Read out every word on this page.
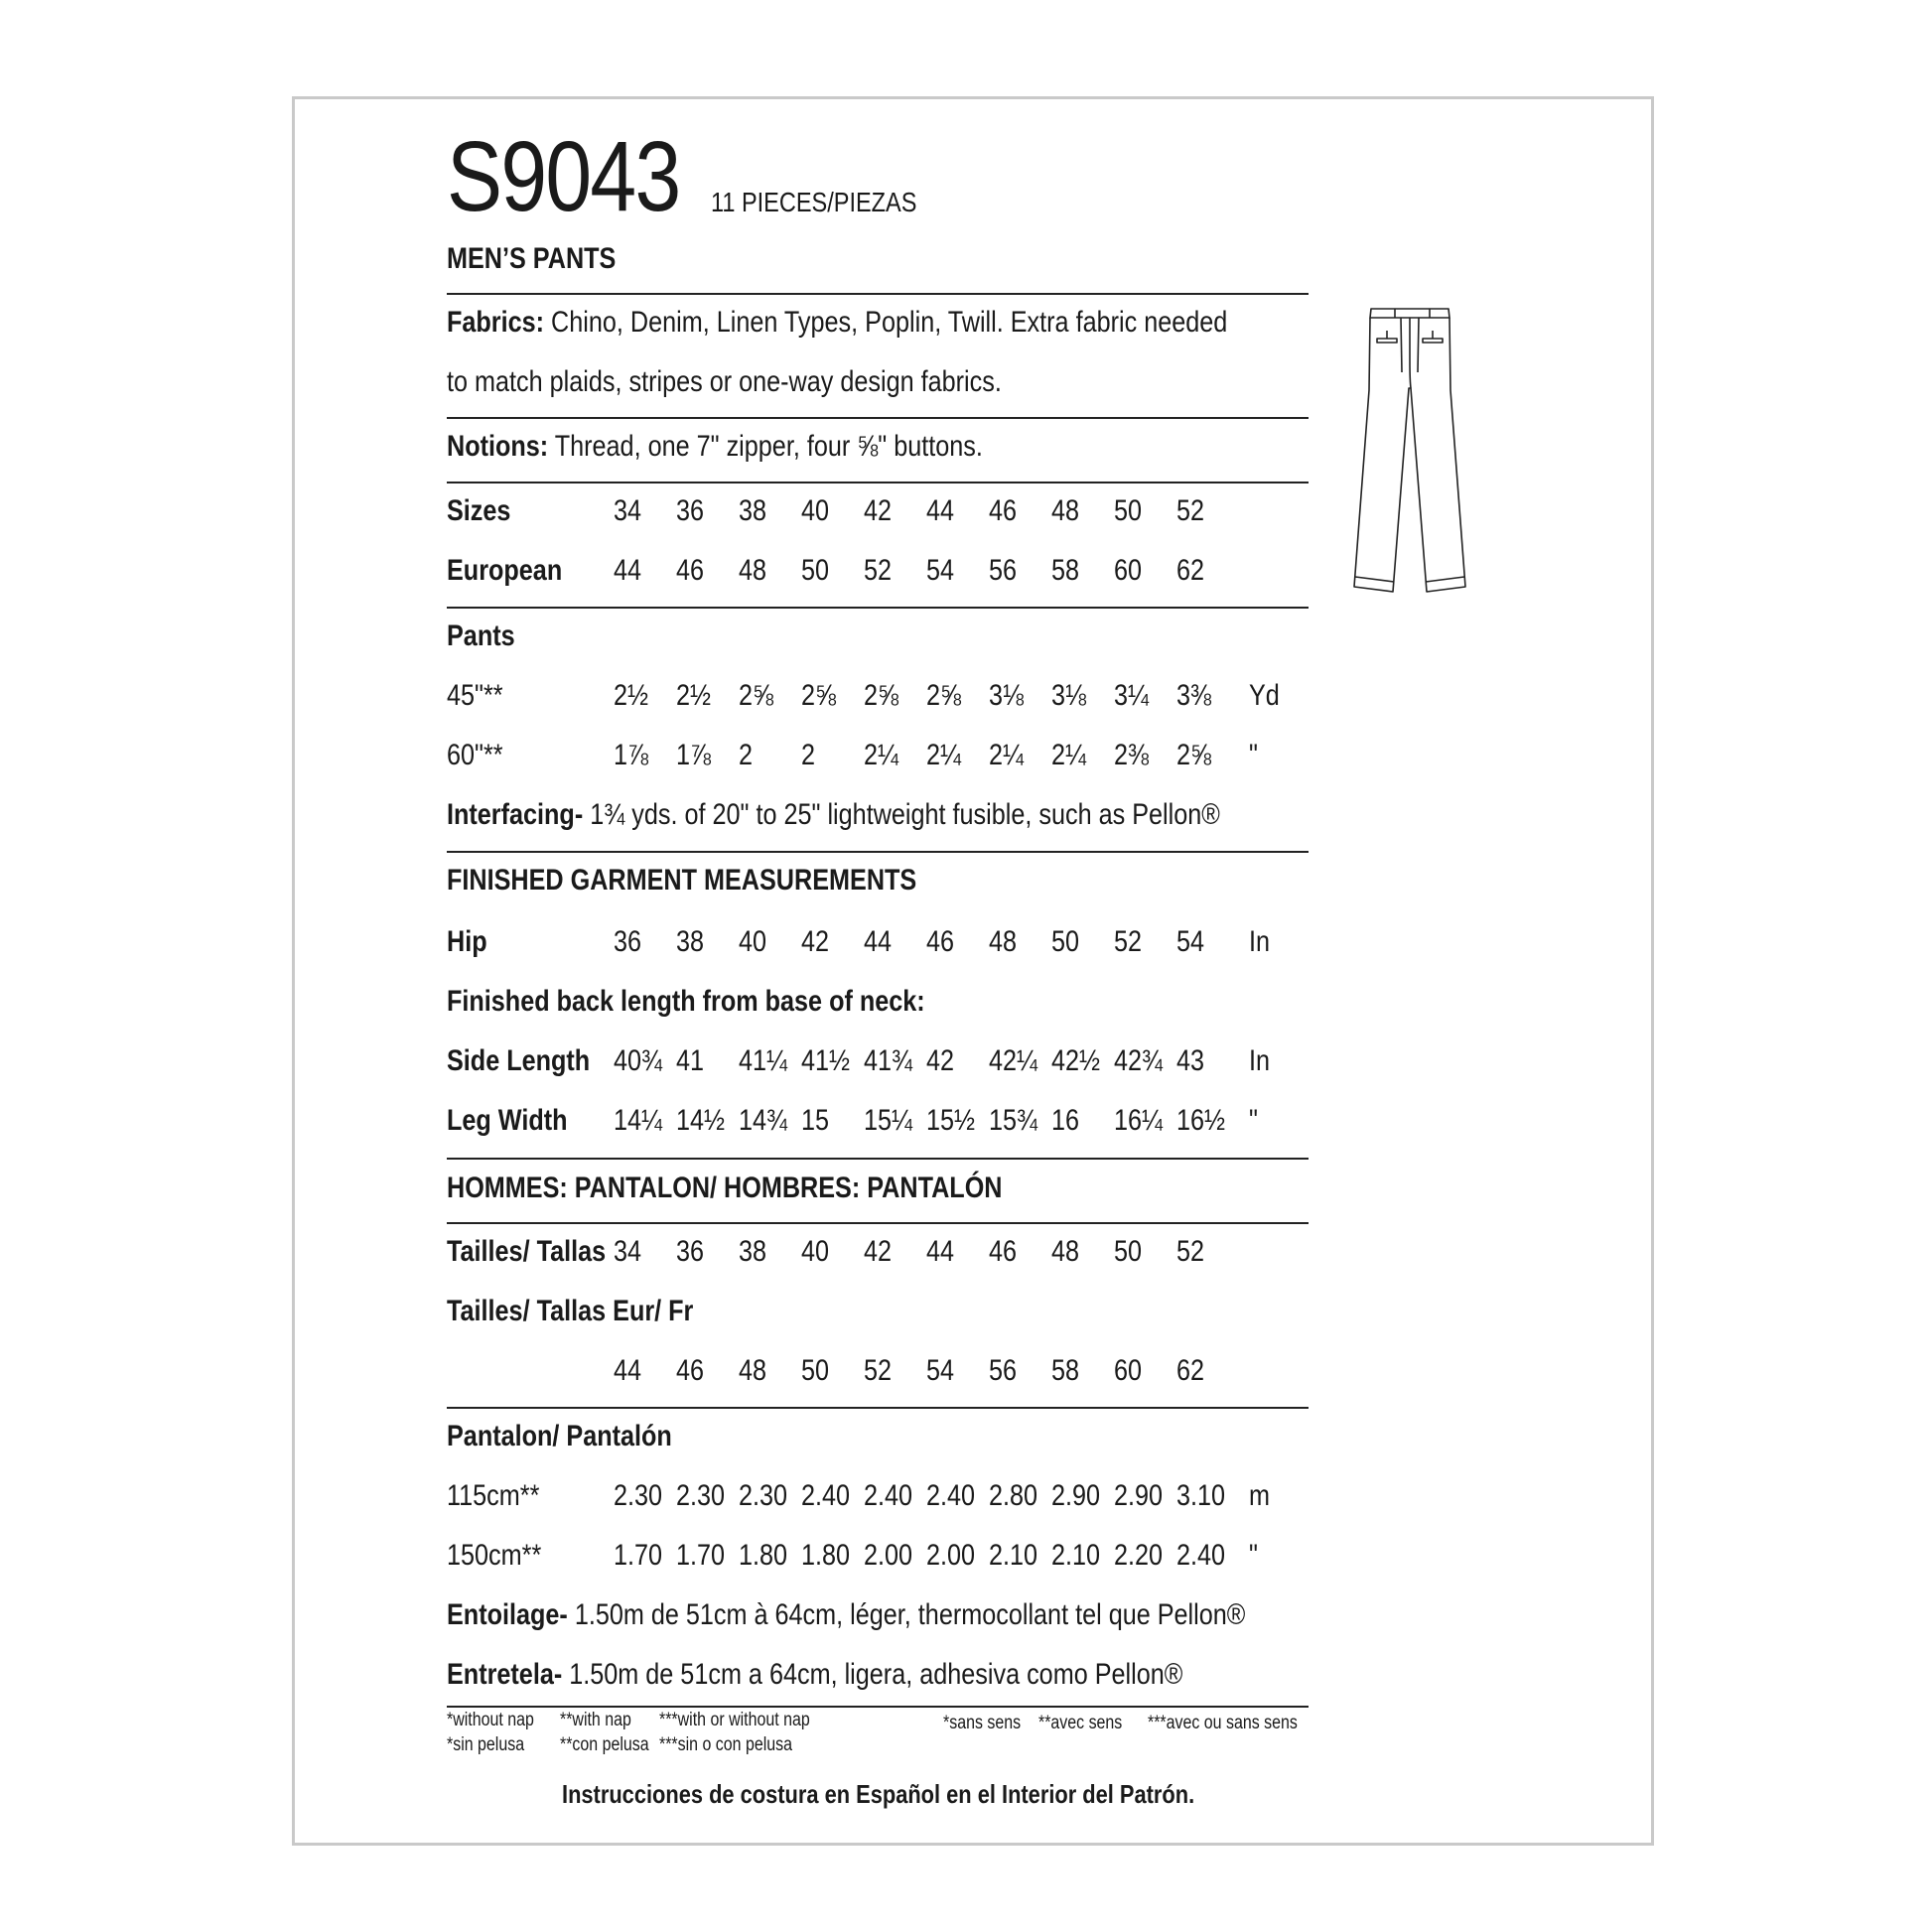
S9043	11 PIECES/PIEZAS
MEN’S PANTS
Fabrics: Chino, Denim, Linen Types, Poplin, Twill. Extra fabric needed
to match plaids, stripes or one-way design fabrics.
Notions: Thread, one 7" zipper, four ⅝" buttons.
Sizes	34 36 38 40 42 44 46 48 50 52
European	44 46 48 50 52 54 56 58 60 62
Pants
45"**	2½ 2½ 2⅝ 2⅝ 2⅝ 2⅝ 3⅛ 3⅛ 3¼ 3⅜ Yd
60"**	1⅞ 1⅞ 2 2 2¼ 2¼ 2¼ 2¼ 2⅜ 2⅝ "
Interfacing- 1¾ yds. of 20" to 25" lightweight fusible, such as Pellon®
FINISHED GARMENT MEASUREMENTS
Hip	36 38 40 42 44 46 48 50 52 54 In
Finished back length from base of neck:
Side Length 40¾ 41 41¼ 41½ 41¾ 42 42¼ 42½ 42¾ 43 In
Leg Width	14¼ 14½ 14¾ 15 15¼ 15½ 15¾ 16 16¼ 16½ "
HOMMES: PANTALON/ HOMBRES: PANTALÓN
Tailles/ Tallas 34 36 38 40 42 44 46 48 50 52
Tailles/ Tallas Eur/ Fr
44 46 48 50 52 54 56 58 60 62
Pantalon/ Pantalón
115cm**	2.30 2.30 2.30 2.40 2.40 2.40 2.80 2.90 2.90 3.10 m
150cm**	1.70 1.70 1.80 1.80 2.00 2.00 2.10 2.10 2.20 2.40 "
Entoilage- 1.50m de 51cm à 64cm, léger, thermocollant tel que Pellon®
Entretela- 1.50m de 51cm a 64cm, ligera, adhesiva como Pellon®
*without nap	**with nap	***with or without nap	*sans sens **avec sens	***avec ou sans sens
*sin pelusa	**con pelusa ***sin o con pelusa
Instrucciones de costura en Español en el Interior del Patrón.
